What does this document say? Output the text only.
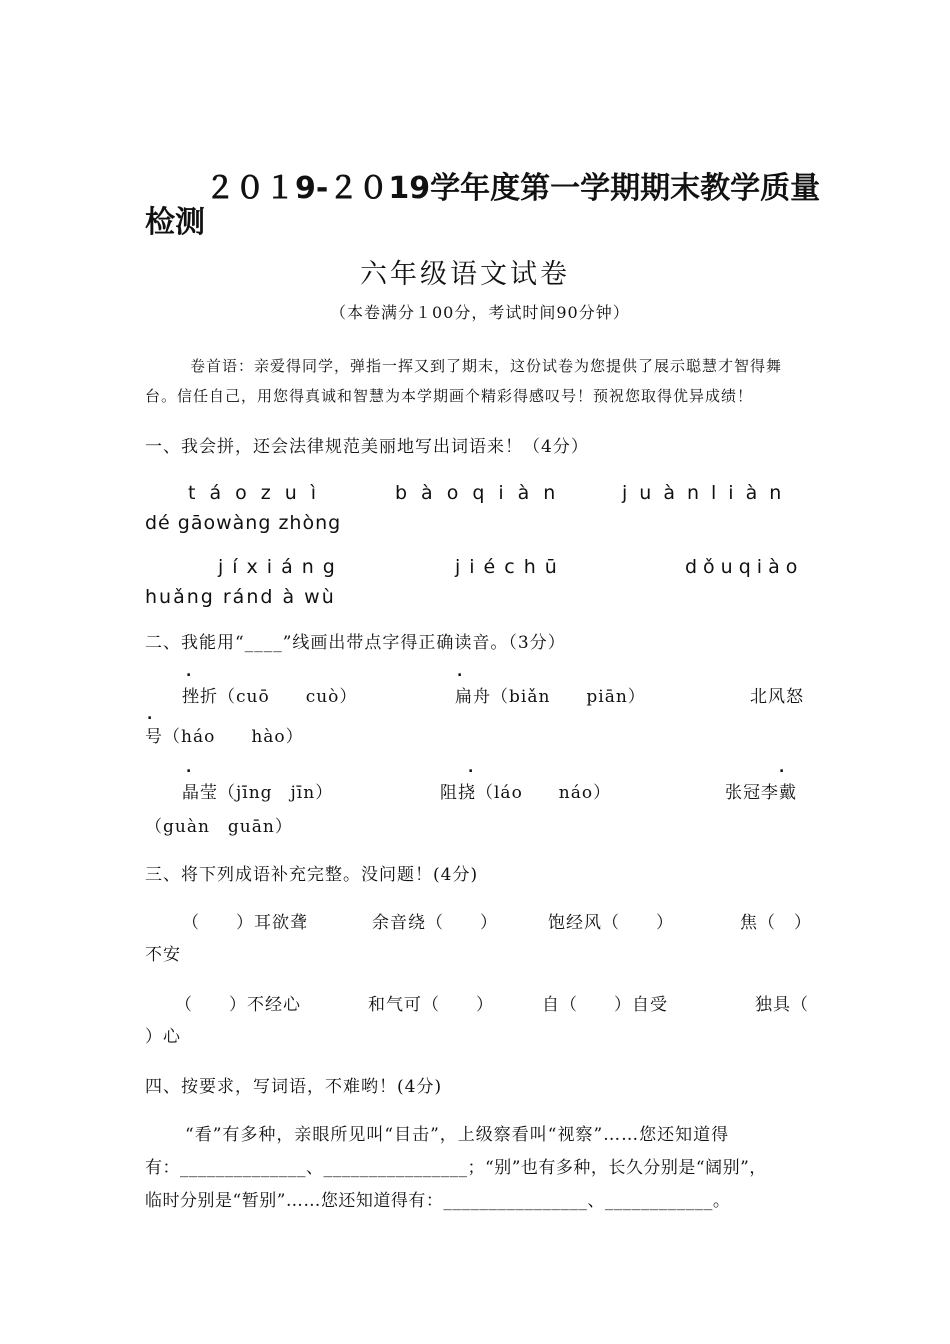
２０１9-２０19学年度第一学期期末教学质量
检测
六年级语文试卷
（本卷满分１00分，考试时间90分钟）
卷首语：亲爱得同学，弹指一挥又到了期末，这份试卷为您提供了展示聪慧才智得舞
台。信任自己，用您得真诚和智慧为本学期画个精彩得感叹号！预祝您取得优异成绩！
一、我会拼，还会法律规范美丽地写出词语来！（4分）
táozuì	bàoqiàn	juànliàn
dé gāowàng zhòng
jíxiáng	jiéchū	dǒuqiào
huǎng ránd à wù
二、我能用“____”线画出带点字得正确读音。（3分）
.	.
.
挫折（cuō　　cuò）	扁舟（biǎn　　piān）	北风怒
号（háo　　hào）
.	.	.
晶莹（jīng　jīn）	阻挠（láo　　náo）	张冠李戴
（guàn　guān）
三、将下列成语补充完整。没问题！(4分)
（　　）耳欲聋	余音绕（　　）	饱经风（　　）	焦（　）
不安
（　　）不经心	和气可（　　）	自（　　）自受	独具（
）心
四、按要求，写词语，不难哟！(4分)
“看”有多种，亲眼所见叫“目击”，上级察看叫“视察”……您还知道得
有：______________、________________；“别”也有多种，长久分别是“阔别”，
临时分别是“暂别”……您还知道得有：________________、____________。
